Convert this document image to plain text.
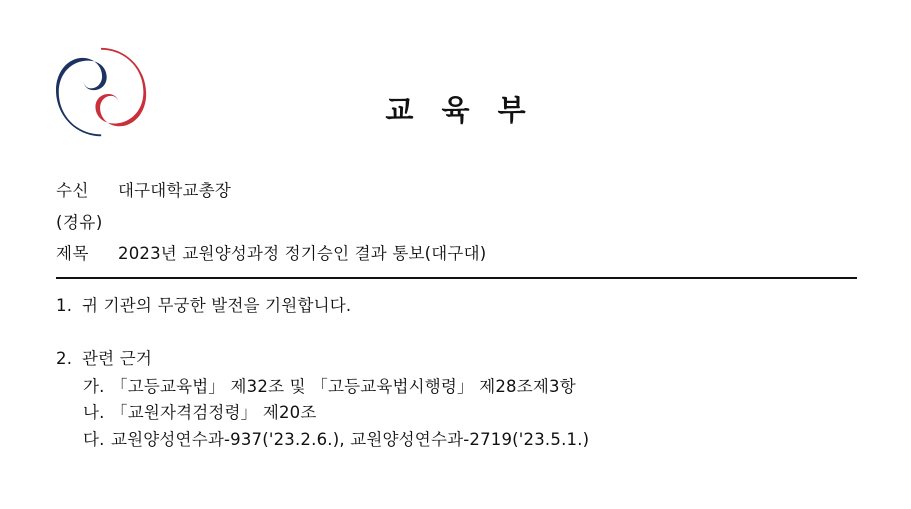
교 육 부
수신	대구대학교총장
(경유)
제목	2023년 교원양성과정 정기승인 결과 통보(대구대)
1. 귀 기관의 무궁한 발전을 기원합니다.
2. 관련 근거
가. 「고등교육법」 제32조 및 「고등교육법시행령」 제28조제3항
나. 「교원자격검정령」 제20조
다. 교원양성연수과-937('23.2.6.), 교원양성연수과-2719('23.5.1.)
